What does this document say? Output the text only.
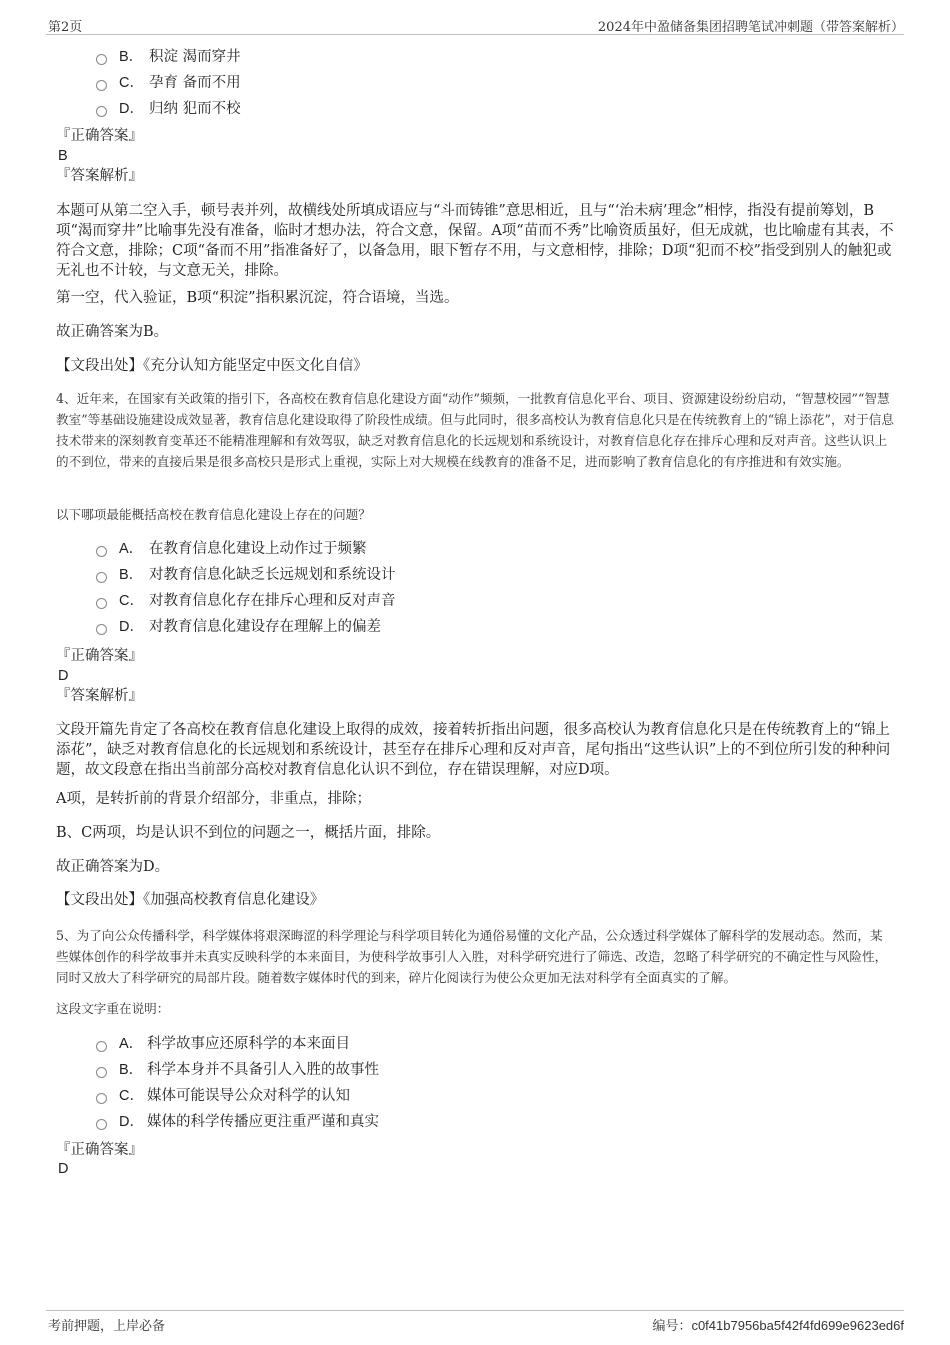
第2页	2024年中盈储备集团招聘笔试冲刺题（带答案解析）
B． 积淀 渴而穿井
C． 孕育 备而不用
D． 归纳 犯而不校
『正确答案』
B
『答案解析』

本题可从第二空入手，顿号表并列，故横线处所填成语应与“斗而铸锥”意思相近，且与“‘治未病’理念”相悖，指没有提前筹划，B项“渴而穿井”比喻事先没有准备，临时才想办法，符合文意，保留。A项“苗而不秀”比喻资质虽好，但无成就，也比喻虚有其表，不符合文意，排除；C项“备而不用”指准备好了，以备急用，眼下暂存不用，与文意相悖，排除；D项“犯而不校”指受到别人的触犯或无礼也不计较，与文意无关，排除。

第一空，代入验证，B项“积淀”指积累沉淀，符合语境，当选。

故正确答案为B。

【文段出处】《充分认知方能坚定中医文化自信》

4、近年来，在国家有关政策的指引下，各高校在教育信息化建设方面“动作”频频，一批教育信息化平台、项目、资源建设纷纷启动，“智慧校园”“智慧教室”等基础设施建设成效显著，教育信息化建设取得了阶段性成绩。但与此同时，很多高校认为教育信息化只是在传统教育上的“锦上添花”，对于信息技术带来的深刻教育变革还不能精准理解和有效驾驭，缺乏对教育信息化的长远规划和系统设计，对教育信息化存在排斥心理和反对声音。这些认识上的不到位，带来的直接后果是很多高校只是形式上重视，实际上对大规模在线教育的准备不足，进而影响了教育信息化的有序推进和有效实施。

以下哪项最能概括高校在教育信息化建设上存在的问题？

A． 在教育信息化建设上动作过于频繁
B． 对教育信息化缺乏长远规划和系统设计
C． 对教育信息化存在排斥心理和反对声音
D． 对教育信息化建设存在理解上的偏差
『正确答案』
D
『答案解析』

文段开篇先肯定了各高校在教育信息化建设上取得的成效，接着转折指出问题，很多高校认为教育信息化只是在传统教育上的“锦上添花”，缺乏对教育信息化的长远规划和系统设计，甚至存在排斥心理和反对声音，尾句指出“这些认识”上的不到位所引发的种种问题，故文段意在指出当前部分高校对教育信息化认识不到位，存在错误理解，对应D项。

A项，是转折前的背景介绍部分，非重点，排除；

B、C两项，均是认识不到位的问题之一，概括片面，排除。

故正确答案为D。

【文段出处】《加强高校教育信息化建设》

5、为了向公众传播科学，科学媒体将艰深晦涩的科学理论与科学项目转化为通俗易懂的文化产品，公众透过科学媒体了解科学的发展动态。然而，某些媒体创作的科学故事并未真实反映科学的本来面目，为使科学故事引人入胜，对科学研究进行了筛选、改造，忽略了科学研究的不确定性与风险性，同时又放大了科学研究的局部片段。随着数字媒体时代的到来，碎片化阅读行为使公众更加无法对科学有全面真实的了解。

这段文字重在说明：

A． 科学故事应还原科学的本来面目
B． 科学本身并不具备引人入胜的故事性
C． 媒体可能误导公众对科学的认知
D． 媒体的科学传播应更注重严谨和真实
『正确答案』
D
考前押题，上岸必备	编号：c0f41b7956ba5f42f4fd699e9623ed6f
